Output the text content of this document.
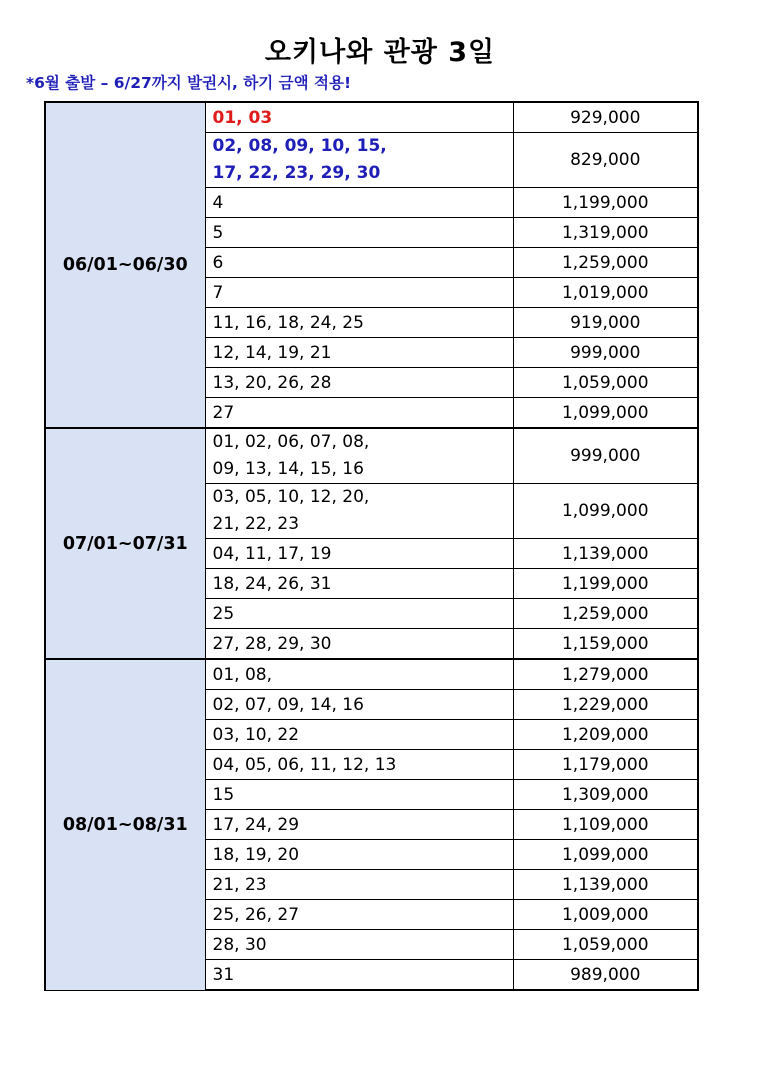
오키나와 관광 3일
*6월 출발 – 6/27까지 발권시, 하기 금액 적용!
06/01~06/30	01, 03	929,000
	02, 08, 09, 10, 15,
17, 22, 23, 29, 30	829,000
	4	1,199,000
	5	1,319,000
	6	1,259,000
	7	1,019,000
	11, 16, 18, 24, 25	919,000
	12, 14, 19, 21	999,000
	13, 20, 26, 28	1,059,000
	27	1,099,000
07/01~07/31	01, 02, 06, 07, 08,
09, 13, 14, 15, 16	999,000
	03, 05, 10, 12, 20,
21, 22, 23	1,099,000
	04, 11, 17, 19	1,139,000
	18, 24, 26, 31	1,199,000
	25	1,259,000
	27, 28, 29, 30	1,159,000
08/01~08/31	01, 08,	1,279,000
	02, 07, 09, 14, 16	1,229,000
	03, 10, 22	1,209,000
	04, 05, 06, 11, 12, 13	1,179,000
	15	1,309,000
	17, 24, 29	1,109,000
	18, 19, 20	1,099,000
	21, 23	1,139,000
	25, 26, 27	1,009,000
	28, 30	1,059,000
	31	989,000
